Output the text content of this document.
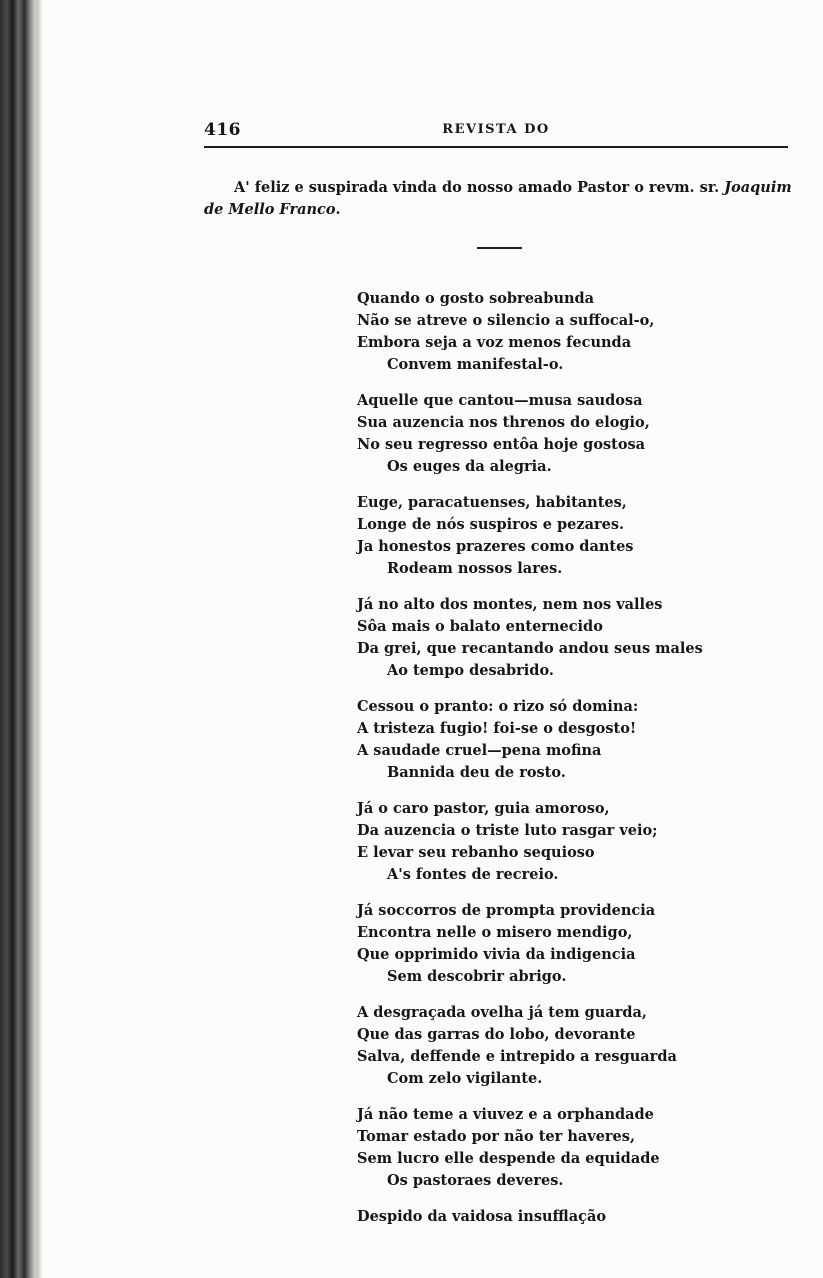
416	REVISTA DO
A' feliz e suspirada vinda do nosso amado Pastor o revm. sr. Joaquim
de Mello Franco.
Quando o gosto sobreabunda
Não se atreve o silencio a suffocal-o,
Embora seja a voz menos fecunda
Convem manifestal-o.
Aquelle que cantou—musa saudosa
Sua auzencia nos threnos do elogio,
No seu regresso entôa hoje gostosa
Os euges da alegria.
Euge, paracatuenses, habitantes,
Longe de nós suspiros e pezares.
Ja honestos prazeres como dantes
Rodeam nossos lares.
Já no alto dos montes, nem nos valles
Sôa mais o balato enternecido
Da grei, que recantando andou seus males
Ao tempo desabrido.
Cessou o pranto: o rizo só domina:
A tristeza fugio! foi-se o desgosto!
A saudade cruel—pena mofina
Bannida deu de rosto.
Já o caro pastor, guia amoroso,
Da auzencia o triste luto rasgar veio;
E levar seu rebanho sequioso
A's fontes de recreio.
Já soccorros de prompta providencia
Encontra nelle o misero mendigo,
Que opprimido vivia da indigencia
Sem descobrir abrigo.
A desgraçada ovelha já tem guarda,
Que das garras do lobo, devorante
Salva, deffende e intrepido a resguarda
Com zelo vigilante.
Já não teme a viuvez e a orphandade
Tomar estado por não ter haveres,
Sem lucro elle despende da equidade
Os pastoraes deveres.
Despido da vaidosa insufflação
